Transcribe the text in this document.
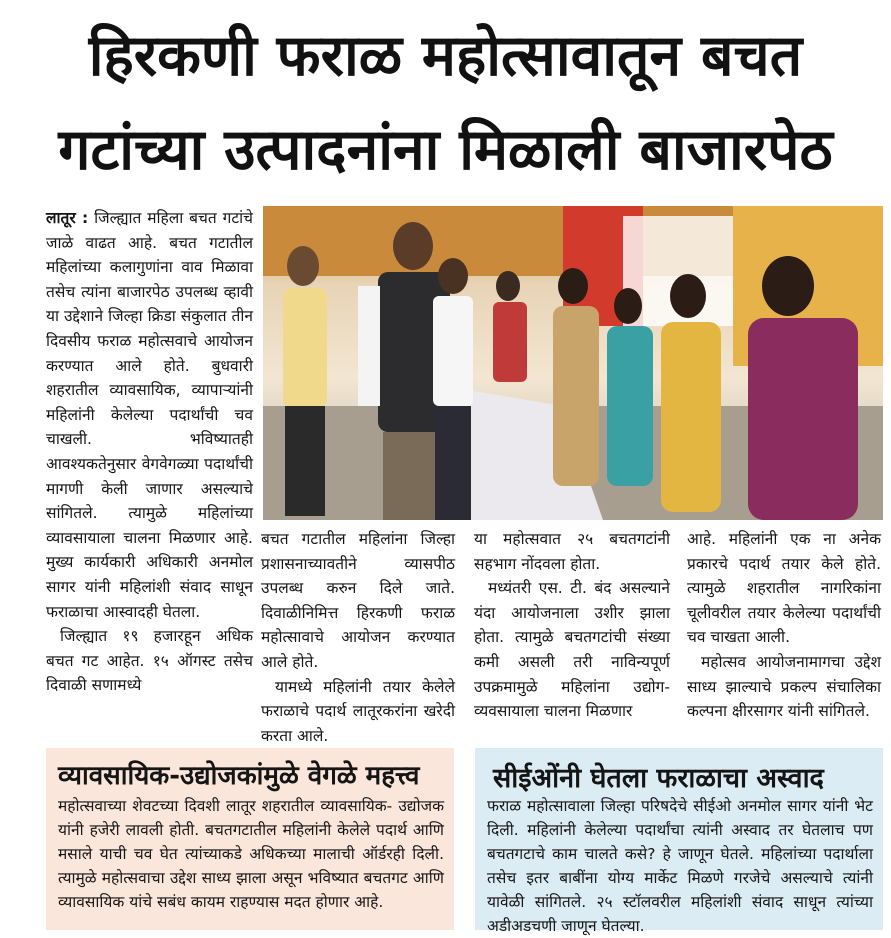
हिरकणी फराळ महोत्सावातून बचत
गटांच्या उत्पादनांना मिळाली बाजारपेठ

लातूर : जिल्ह्यात महिला बचत गटांचे जाळे वाढत आहे. बचत गटातील महिलांच्या कलागुणांना वाव मिळावा तसेच त्यांना बाजारपेठ उपलब्ध व्हावी या उद्देशाने जिल्हा क्रिडा संकुलात तीन दिवसीय फराळ महोत्सवाचे आयोजन करण्यात आले होते. बुधवारी शहरातील व्यावसायिक, व्यापाऱ्यांनी महिलांनी केलेल्या पदार्थांची चव चाखली. भविष्यातही आवश्यकतेनुसार वेगवेगळ्या पदार्थांची मागणी केली जाणार असल्याचे सांगितले. त्यामुळे महिलांच्या व्यावसायाला चालना मिळणार आहे. मुख्य कार्यकारी अधिकारी अनमोल सागर यांनी महिलांशी संवाद साधून फराळाचा आस्वादही घेतला.

जिल्ह्यात १९ हजारहून अधिक बचत गट आहेत. १५ ऑगस्ट तसेच दिवाळी सणामध्ये

बचत गटातील महिलांना जिल्हा प्रशासनाच्यावतीने व्यासपीठ उपलब्ध करुन दिले जाते. दिवाळीनिमित्त हिरकणी फराळ महोत्सावाचे आयोजन करण्यात आले होते.

यामध्ये महिलांनी तयार केलेले फराळाचे पदार्थ लातूरकरांना खरेदी करता आले.

या महोत्सवात २५ बचतगटांनी सहभाग नोंदवला होता.

मध्यंतरी एस. टी. बंद असल्याने यंदा आयोजनाला उशीर झाला होता. त्यामुळे बचतगटांची संख्या कमी असली तरी नाविन्यपूर्ण उपक्रमामुळे महिलांना उद्योग-व्यवसायाला चालना मिळणार

आहे. महिलांनी एक ना अनेक प्रकारचे पदार्थ तयार केले होते. त्यामुळे शहरातील नागरिकांना चूलीवरील तयार केलेल्या पदार्थांची चव चाखता आली.

महोत्सव आयोजनामागचा उद्देश साध्य झाल्याचे प्रकल्प संचालिका कल्पना क्षीरसागर यांनी सांगितले.

व्यावसायिक-उद्योजकांमुळे वेगळे महत्त्व
महोत्सवाच्या शेवटच्या दिवशी लातूर शहरातील व्यावसायिक- उद्योजक यांनी हजेरी लावली होती. बचतगटातील महिलांनी केलेले पदार्थ आणि मसाले याची चव घेत त्यांच्याकडे अधिकच्या मालाची ऑर्डरही दिली. त्यामुळे महोत्सवाचा उद्देश साध्य झाला असून भविष्यात बचतगट आणि व्यावसायिक यांचे सबंध कायम राहण्यास मदत होणार आहे.
सीईओंनी घेतला फराळाचा अस्वाद
फराळ महोत्सावाला जिल्हा परिषदेचे सीईओ अनमोल सागर यांनी भेट दिली. महिलांनी केलेल्या पदार्थांचा त्यांनी अस्वाद तर घेतलाच पण बचतगटाचे काम चालते कसे? हे जाणून घेतले. महिलांच्या पदार्थाला तसेच इतर बाबींना योग्य मार्केट मिळणे गरजेचे असल्याचे त्यांनी यावेळी सांगितले. २५ स्टॉलवरील महिलांशी संवाद साधून त्यांच्या अडीअडचणी जाणून घेतल्या.
